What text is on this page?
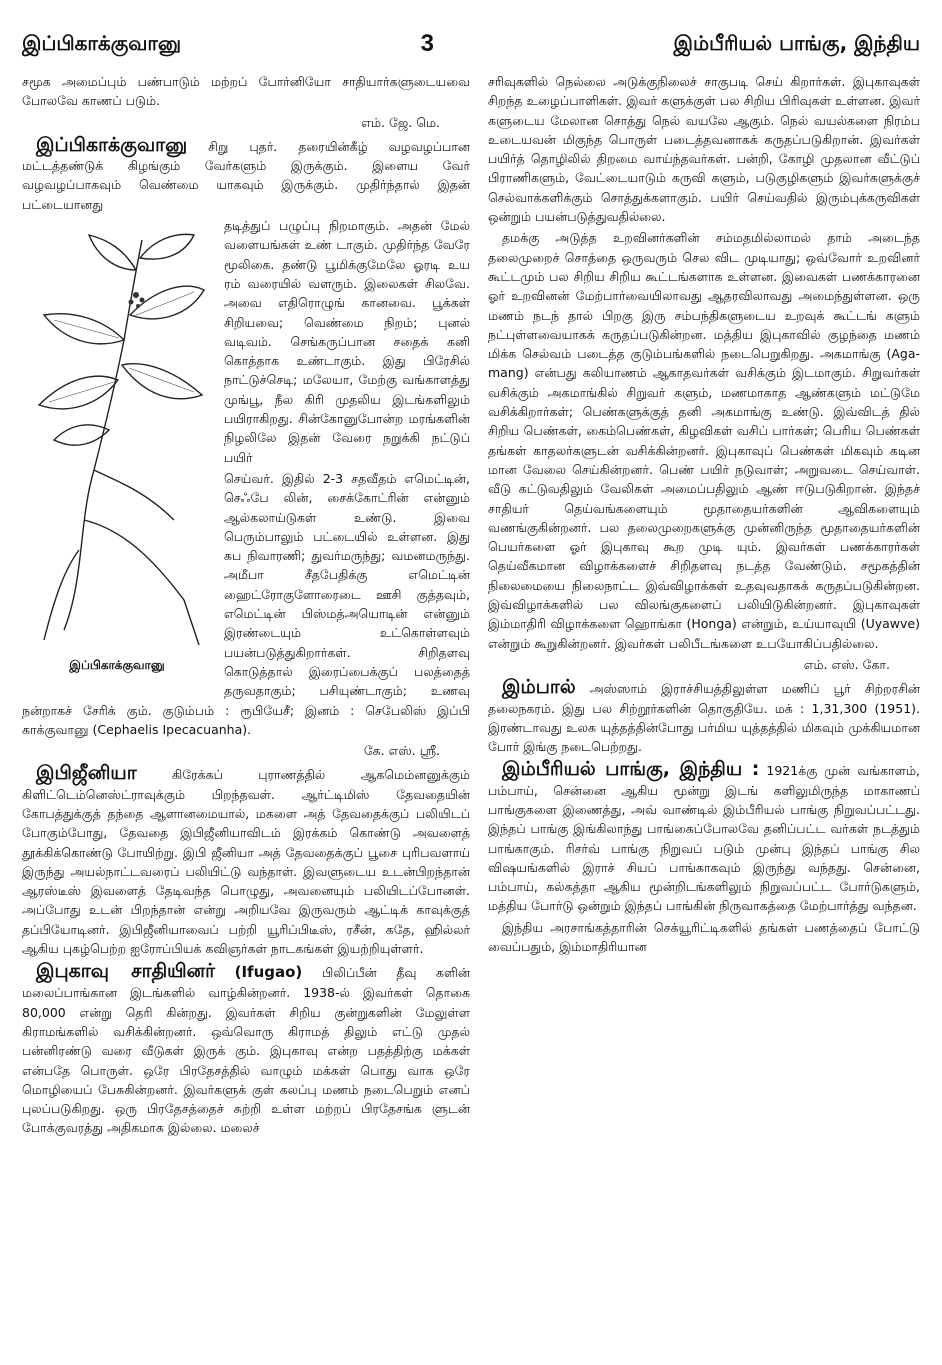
இப்பிகாக்குவானு	3	இம்பீரியல் பாங்கு, இந்திய

சமூக அமைப்பும் பண்பாடும் மற்றப் போர்னியோ சாதியார்களுடையவை போலவே காணப் படும்.

எம். ஜே. மெ.

இப்பிகாக்குவானு சிறு புதர். தரையின்கீழ் வழவழப்பான மட்டத்தண்டுக் கிழங்கும் வேர்களும் இருக்கும். இளைய வேர் வழவழப்பாகவும் வெண்மை யாகவும் இருக்கும். முதிர்ந்தால் இதன் பட்டையானது

இப்பிகாக்குவானு

தடித்துப் பழுப்பு நிறமாகும். அதன் மேல் வளையங்கள் உண் டாகும். முதிர்ந்த வேரே மூலிகை. தண்டு பூமிக்குமேலே ஓரடி உய ரம் வரையில் வளரும். இலைகள் சிலவே. அவை எதிரொழுங் கானவை. பூக்கள் சிறியவை; வெண்மை நிறம்; புனல் வடிவம். செங்கருப்பான சதைக் கனி கொத்தாக உண்டாகும். இது பிரேசில் நாட்டுச்செடி; மலேயா, மேற்கு வங்காளத்து முங்பூ, நீல கிரி முதலிய இடங்களிலும் பயிராகிறது. சின்கோனுபோன்ற மரங்களின் நிழலிலே இதன் வேரை நறுக்கி நட்டுப் பயிர்

செய்வர். இதில் 2-3 சதவீதம் எமெட்டின், செஃபே லின், சைக்கோட்ரின் என்னும் ஆல்கலாய்டுகள் உண்டு. இவை பெரும்பாலும் பட்டையில் உள்ளன. இது கப நிவாரணி; துவர்மருந்து; வமனமருந்து. அமீபா சீதபேதிக்கு எமெட்டின் ஹைட்ரோகுளோரைடை ஊசி குத்தவும், எமெட்டின் பிஸ்மத்அயொடின் என்னும் இரண்டையும் உட்கொள்ளவும் பயன்படுத்துகிறார்கள். சிறிதளவு கொடுத்தால் இரைப்பைக்குப் பலத்தைத் தருவதாகும்; பசியுண்டாகும்; உணவு நன்றாகச் சேரிக் கும். குடும்பம் : ரூபியேசீ; இனம் : செபேலிஸ் இப்பி காக்குவானு (Cephaelis Ipecacuanha).

கே. எஸ். ஸ்ரீ.

இபிஜீனியா	கிரேக்கப் புராணத்தில் ஆகமெம்னனுக்கும் கிளிட்டெம்னெஸ்ட்ராவுக்கும் பிறந்தவள். ஆர்ட்டிமிஸ் தேவதையின் கோபத்துக்குத் தந்தை ஆளானமையால், மகளை அத் தேவதைக்குப் பலியிடப் போகும்போது, தேவதை இபிஜீனியாவிடம் இரக்கம் கொண்டு அவளைத் தூக்கிக்கொண்டு போயிற்று. இபி ஜீனியா அத் தேவதைக்குப் பூசை புரிபவளாய் இருந்து அயல்நாட்டவரைப் பலியிட்டு வந்தாள். இவளுடைய உடன்பிறந்தான் ஆரஸ்டீஸ் இவளைத் தேடிவந்த பொழுது, அவனையும் பலியிடப்போனள். அப்போது உடன் பிறந்தான் என்று அறியவே இருவரும் ஆட்டிக் காவுக்குத் தப்பியோடினர். இபிஜீனியாவைப் பற்றி யூரிப்பிடீஸ், ரசீன், கதே, ஹில்லர் ஆகிய புகழ்பெற்ற ஐரோப்பியக் கவிஞர்கள் நாடகங்கள் இயற்றியுள்ளர்.

இபுகாவு சாதியினர் (Ifugao) பிலிப்பீன் தீவு களின் மலைப்பாங்கான இடங்களில் வாழ்கின்றனர். 1938-ல் இவர்கள் தொகை 80,000 என்று தெரி கின்றது. இவர்கள் சிறிய குன்றுகளின் மேலுள்ள கிராமங்களில் வசிக்கின்றனர். ஒவ்வொரு கிராமத் திலும் எட்டு முதல் பன்னிரண்டு வரை வீடுகள் இருக் கும். இபுகாவு என்ற பதத்திற்கு மக்கள் என்பதே பொருள். ஒரே பிரதேசத்தில் வாழும் மக்கள் பொது வாக ஒரே மொழியைப் பேசுகின்றனர். இவர்களுக் குள் கலப்பு மணம் நடைபெறும் எனப் புலப்படுகிறது. ஒரு பிரதேசத்தைச் சுற்றி உள்ள மற்றப் பிரதேசங்க ளுடன் போக்குவரத்து அதிகமாக இல்லை. மலைச்

சரிவுகளில் நெல்லை அடுக்குநிலைச் சாகுபடி செய் கிறார்கள். இபுகாவுகள் சிறந்த உழைப்பாளிகள். இவர் களுக்குள் பல சிறிய பிரிவுகள் உள்ளன. இவர் களுடைய மேலான சொத்து நெல் வயலே ஆகும். நெல் வயல்களை நிரம்ப உடையவன் மிகுந்த பொருள் படைத்தவனாகக் கருதப்படுகிறான். இவர்கள் பயிர்த் தொழிலில் திறமை வாய்ந்தவர்கள். பன்றி, கோழி முதலான வீட்டுப் பிராணிகளும், வேட்டையாடும் கருவி களும், படுகுழிகளும் இவர்களுக்குச் செல்வாக்களிக்கும் சொத்துக்களாகும். பயிர் செய்வதில் இரும்புக்கருவிகள் ஒன்றும் பயன்படுத்துவதில்லை.

தமக்கு அடுத்த உறவினர்களின் சம்மதமில்லாமல் தாம் அடைந்த தலைமுறைச் சொத்தை ஒருவரும் செல விட முடியாது; ஒவ்வோர் உறவினர் கூட்டமும் பல சிறிய சிறிய கூட்டங்களாக உள்ளன. இவைகள் பணக்காரனை ஓர் உறவினன் மேற்பார்வையிலாவது ஆதரவிலாவது அமைந்துள்ளன. ஒரு மணம் நடந் தால் பிறகு இரு சம்பந்திகளுடைய உறவுக் கூட்டங் களும் நட்புள்ளவையாகக் கருதப்படுகின்றன. மத்திய இபுகாவில் குழந்தை மணம் மிக்க செல்வம் படைத்த குடும்பங்களில் நடைபெறுகிறது. அகமாங்கு (Aga- mang) என்பது கலியாணம் ஆகாதவர்கள் வசிக்கும் இடமாகும். சிறுவர்கள் வசிக்கும் அகமாங்கில் சிறுவர் களும், மணமாகாத ஆண்களும் மட்டுமே வசிக்கிறார்கள்; பெண்களுக்குத் தனி அகமாங்கு உண்டு. இவ்விடத் தில் சிறிய பெண்கள், கைம்பெண்கள், கிழவிகள் வசிப் பார்கள்; பெரிய பெண்கள் தங்கள் காதலர்களுடன் வசிக்கின்றனர். இபுகாவுப் பெண்கள் மிகவும் கடின மான வேலை செய்கின்றனர். பெண் பயிர் நடுவாள்; அறுவடை செய்வாள். வீடு கட்டுவதிலும் வேலிகள் அமைப்பதிலும் ஆண் ஈடுபடுகிறான். இந்தச் சாதியர் தெய்வங்களையும் மூதாதையர்களின் ஆவிகளையும் வணங்குகின்றனர். பல தலைமுறைகளுக்கு முன்னிருந்த மூதாதையர்களின் பெயர்களை ஓர் இபுகாவு கூற முடி யும். இவர்கள் பணக்காரர்கள் தெய்வீகமான விழாக்களைச் சிறிதளவு நடத்த வேண்டும். சமூகத்தின் நிலைமையை நிலைநாட்ட இவ்விழாக்கள் உதவுவதாகக் கருதப்படுகின்றன. இவ்விழாக்களில் பல விலங்குகளைப் பலியிடுகின்றனர். இபுகாவுகள் இம்மாதிரி விழாக்களை ஹொங்கா (Honga) என்றும், உய்யாவுயி (Uyawve) என்றும் கூறுகின்றனர். இவர்கள் பலிபீடங்களை உபயோகிப்பதில்லை.

எம். எஸ். கோ.

இம்பால் அஸ்ஸாம் இராச்சியத்திலுள்ள மணிப் பூர் சிற்றரசின் தலைநகரம். இது பல சிற்றூர்களின் தொகுதியே. மக் : 1,31,300 (1951). இரண்டாவது உலக யுத்தத்தின்போது பர்மிய யுத்தத்தில் மிகவும் முக்கியமான போர் இங்கு நடைபெற்றது.

இம்பீரியல் பாங்கு, இந்திய : 1921க்கு முன் வங்காளம், பம்பாய், சென்னை ஆகிய மூன்று இடங் களிலுமிருந்த மாகாணப் பாங்குகளை இணைத்து, அவ் வாண்டில் இம்பீரியல் பாங்கு நிறுவப்பட்டது. இந்தப் பாங்கு இங்கிலாந்து பாங்கைப்போலவே தனிப்பட்ட வர்கள் நடத்தும் பாங்காகும். ரிசர்வ் பாங்கு நிறுவப் படும் முன்பு இந்தப் பாங்கு சில விஷயங்களில் இராச் சியப் பாங்காகவும் இருந்து வந்தது. சென்னை, பம்பாய், கல்கத்தா ஆகிய மூன்றிடங்களிலும் நிறுவப்பட்ட போர்டுகளும், மத்திய போர்டு ஒன்றும் இந்தப் பாங்கின் நிருவாகத்தை மேற்பார்த்து வந்தன.

இந்திய அரசாங்கத்தாரின் செக்யூரிட்டிகளில் தங்கள் பணத்தைப் போட்டு வைப்பதும், இம்மாதிரியான
